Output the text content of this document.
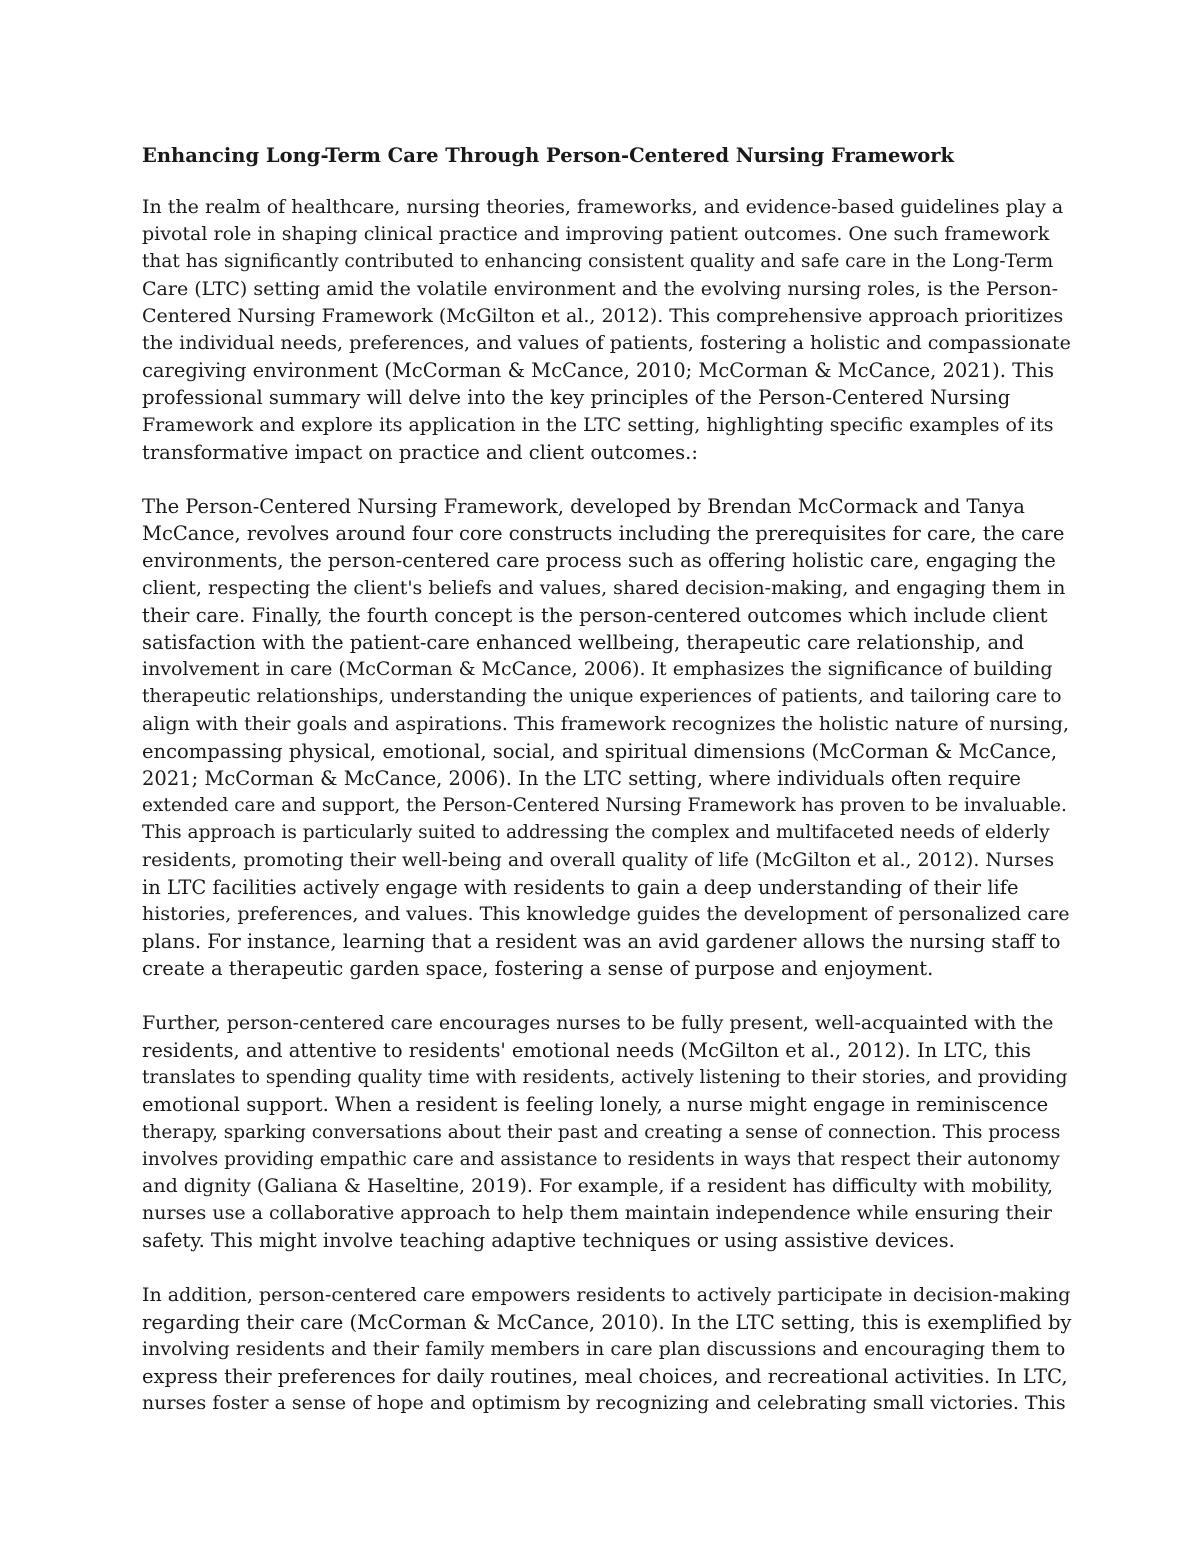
Enhancing Long-Term Care Through Person-Centered Nursing Framework
In the realm of healthcare, nursing theories, frameworks, and evidence-based guidelines play a
pivotal role in shaping clinical practice and improving patient outcomes. One such framework
that has significantly contributed to enhancing consistent quality and safe care in the Long-Term
Care (LTC) setting amid the volatile environment and the evolving nursing roles, is the Person-
Centered Nursing Framework (McGilton et al., 2012). This comprehensive approach prioritizes
the individual needs, preferences, and values of patients, fostering a holistic and compassionate
caregiving environment (McCorman & McCance, 2010; McCorman & McCance, 2021). This
professional summary will delve into the key principles of the Person-Centered Nursing
Framework and explore its application in the LTC setting, highlighting specific examples of its
transformative impact on practice and client outcomes.:
The Person-Centered Nursing Framework, developed by Brendan McCormack and Tanya
McCance, revolves around four core constructs including the prerequisites for care, the care
environments, the person-centered care process such as offering holistic care, engaging the
client, respecting the client's beliefs and values, shared decision-making, and engaging them in
their care. Finally, the fourth concept is the person-centered outcomes which include client
satisfaction with the patient-care enhanced wellbeing, therapeutic care relationship, and
involvement in care (McCorman & McCance, 2006). It emphasizes the significance of building
therapeutic relationships, understanding the unique experiences of patients, and tailoring care to
align with their goals and aspirations. This framework recognizes the holistic nature of nursing,
encompassing physical, emotional, social, and spiritual dimensions (McCorman & McCance,
2021; McCorman & McCance, 2006). In the LTC setting, where individuals often require
extended care and support, the Person-Centered Nursing Framework has proven to be invaluable.
This approach is particularly suited to addressing the complex and multifaceted needs of elderly
residents, promoting their well-being and overall quality of life (McGilton et al., 2012). Nurses
in LTC facilities actively engage with residents to gain a deep understanding of their life
histories, preferences, and values. This knowledge guides the development of personalized care
plans. For instance, learning that a resident was an avid gardener allows the nursing staff to
create a therapeutic garden space, fostering a sense of purpose and enjoyment.
Further, person-centered care encourages nurses to be fully present, well-acquainted with the
residents, and attentive to residents' emotional needs (McGilton et al., 2012). In LTC, this
translates to spending quality time with residents, actively listening to their stories, and providing
emotional support. When a resident is feeling lonely, a nurse might engage in reminiscence
therapy, sparking conversations about their past and creating a sense of connection. This process
involves providing empathic care and assistance to residents in ways that respect their autonomy
and dignity (Galiana & Haseltine, 2019). For example, if a resident has difficulty with mobility,
nurses use a collaborative approach to help them maintain independence while ensuring their
safety. This might involve teaching adaptive techniques or using assistive devices.
In addition, person-centered care empowers residents to actively participate in decision-making
regarding their care (McCorman & McCance, 2010). In the LTC setting, this is exemplified by
involving residents and their family members in care plan discussions and encouraging them to
express their preferences for daily routines, meal choices, and recreational activities. In LTC,
nurses foster a sense of hope and optimism by recognizing and celebrating small victories. This
